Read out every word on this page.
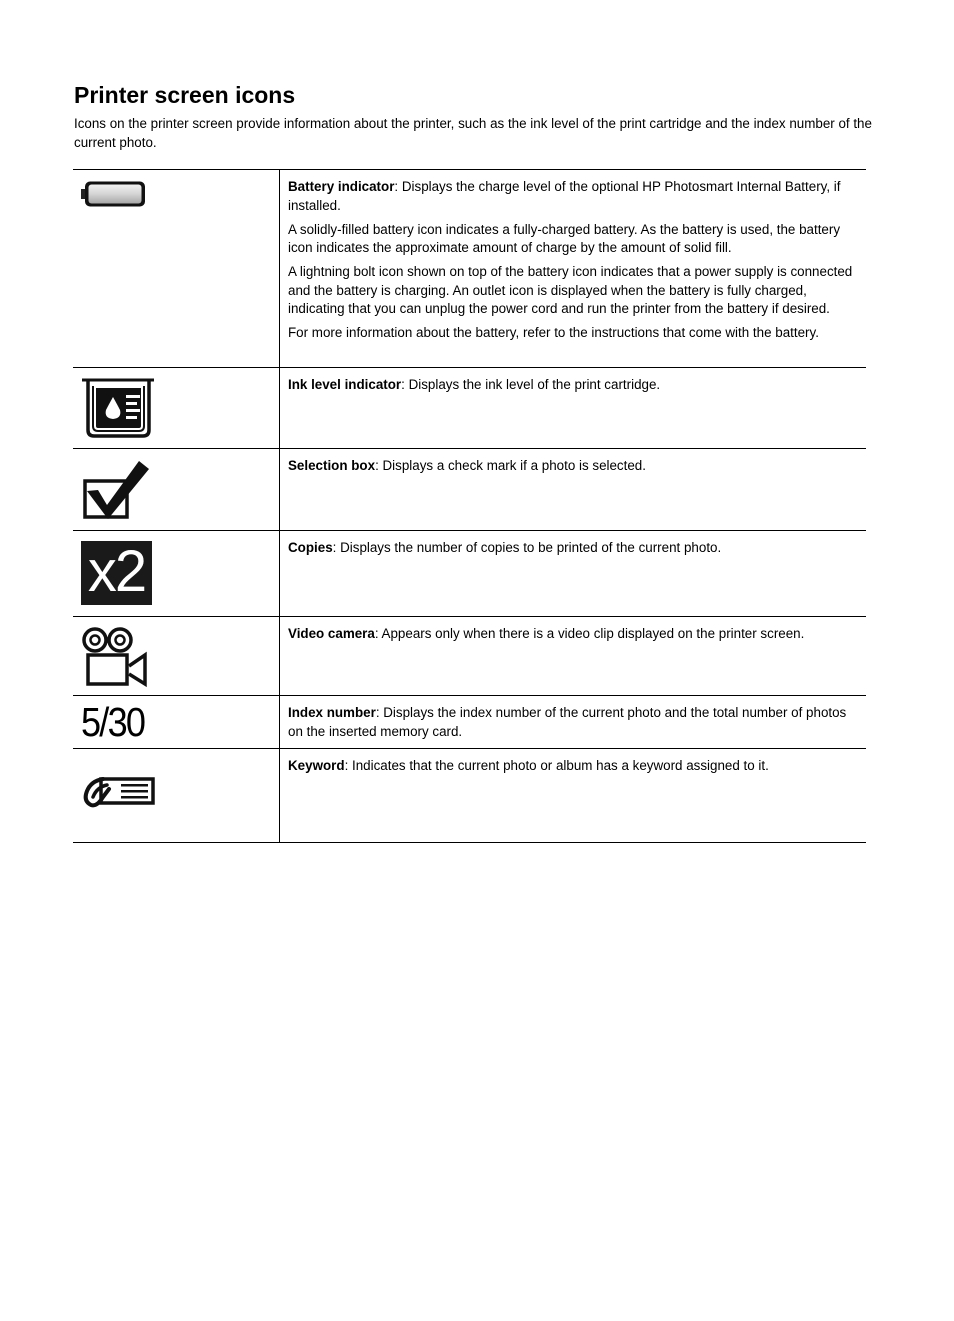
Printer screen icons

Icons on the printer screen provide information about the printer, such as the ink level of the print cartridge and the index number of the current photo.

Battery indicator: Displays the charge level of the optional HP Photosmart Internal Battery, if installed.

A solidly-filled battery icon indicates a fully-charged battery. As the battery is used, the battery icon indicates the approximate amount of charge by the amount of solid fill.

A lightning bolt icon shown on top of the battery icon indicates that a power supply is connected and the battery is charging. An outlet icon is displayed when the battery is fully charged, indicating that you can unplug the power cord and run the printer from the battery if desired.

For more information about the battery, refer to the instructions that come with the battery.

Ink level indicator: Displays the ink level of the print cartridge.

Selection box: Displays a check mark if a photo is selected.

x2	Copies: Displays the number of copies to be printed of the current photo.

Video camera: Appears only when there is a video clip displayed on the printer screen.

5/30	Index number: Displays the index number of the current photo and the total number of photos on the inserted memory card.

Keyword: Indicates that the current photo or album has a keyword assigned to it.
